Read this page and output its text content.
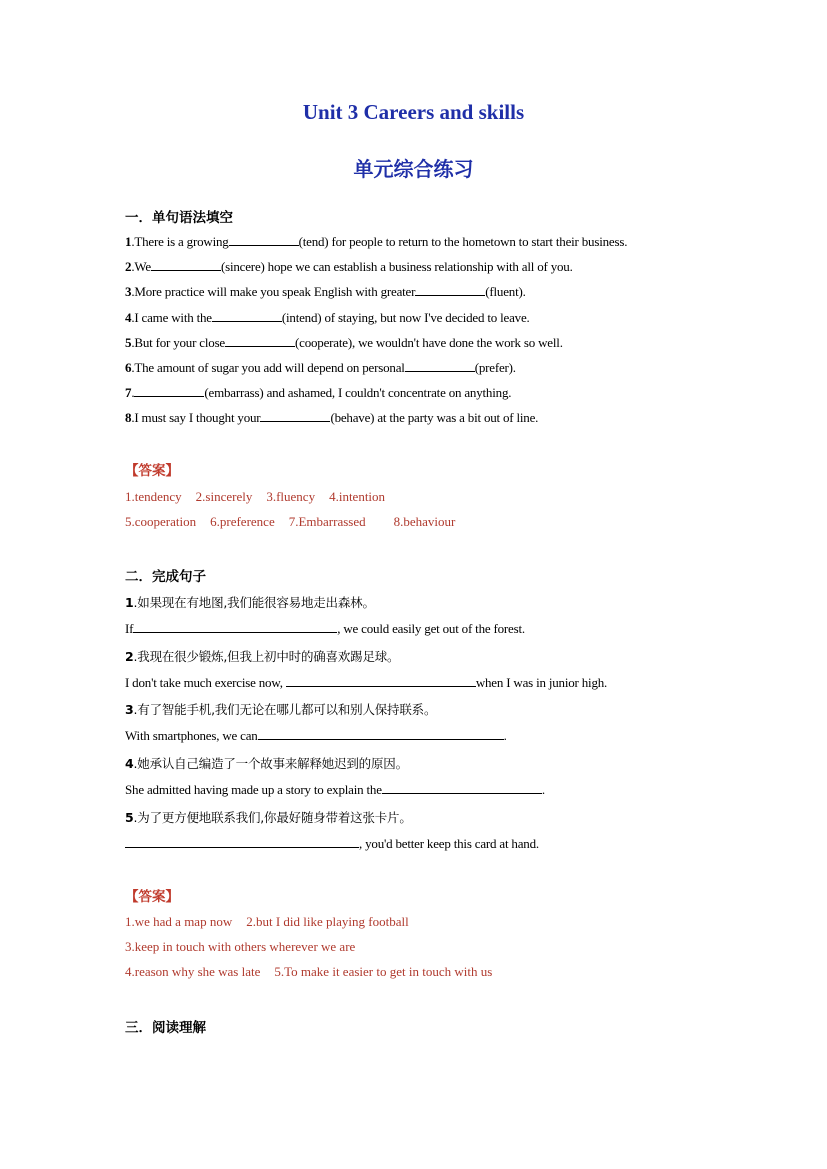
Unit 3 Careers and skills
单元综合练习
一．单句语法填空
1.There is a growing	(tend) for people to return to the hometown to start their business.
2.We	(sincere) hope we can establish a business relationship with all of you.
3.More practice will make you speak English with greater	(fluent).
4.I came with the	(intend) of staying, but now I've decided to leave.
5.But for your close	(cooperate), we wouldn't have done the work so well.
6.The amount of sugar you add will depend on personal	(prefer).
7.	(embarrass) and ashamed, I couldn't concentrate on anything.
8.I must say I thought your	(behave) at the party was a bit out of line.
【答案】
1.tendency 2.sincerely 3.fluency 4.intention
5.cooperation 6.preference 7.Embarrassed 8.behaviour
二．完成句子
1.如果现在有地图,我们能很容易地走出森林。
If	, we could easily get out of the forest.
2.我现在很少锻炼,但我上初中时的确喜欢踢足球。
I don't take much exercise now,	when I was in junior high.
3.有了智能手机,我们无论在哪儿都可以和别人保持联系。
With smartphones, we can	.
4.她承认自己编造了一个故事来解释她迟到的原因。
She admitted having made up a story to explain the	.
5.为了更方便地联系我们,你最好随身带着这张卡片。
, you'd better keep this card at hand.
【答案】
1.we had a map now 2.but I did like playing football
3.keep in touch with others wherever we are
4.reason why she was late 5.To make it easier to get in touch with us
三．阅读理解
